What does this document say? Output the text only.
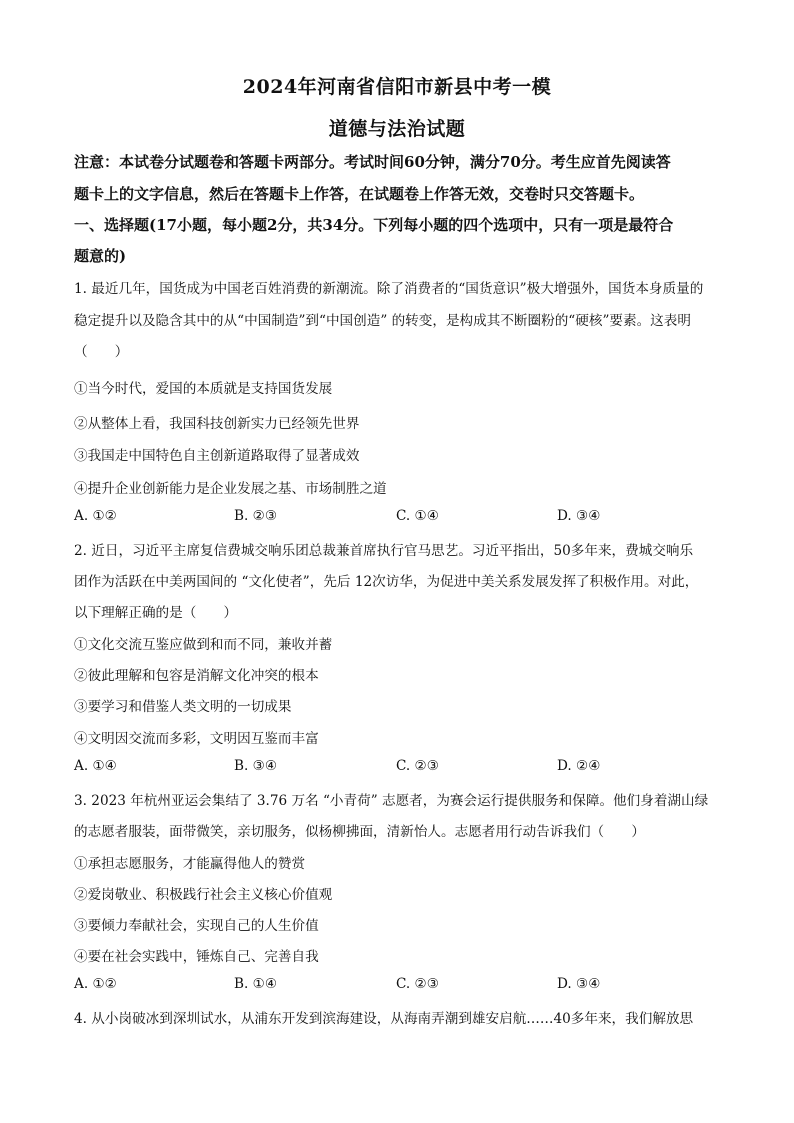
2024年河南省信阳市新县中考一模
道德与法治试题
注意：本试卷分试题卷和答题卡两部分。考试时间60分钟，满分70分。考生应首先阅读答
题卡上的文字信息，然后在答题卡上作答，在试题卷上作答无效，交卷时只交答题卡。
一、选择题(17小题，每小题2分，共34分。下列每小题的四个选项中，只有一项是最符合
题意的)
1. 最近几年，国货成为中国老百姓消费的新潮流。除了消费者的“国货意识”极大增强外，国货本身质量的
稳定提升以及隐含其中的从“中国制造”到“中国创造” 的转变，是构成其不断圈粉的“硬核”要素。这表明
（　　）
①当今时代，爱国的本质就是支持国货发展
②从整体上看，我国科技创新实力已经领先世界
③我国走中国特色自主创新道路取得了显著成效
④提升企业创新能力是企业发展之基、市场制胜之道
A. ①②	B. ②③	C. ①④	D. ③④
2. 近日，习近平主席复信费城交响乐团总裁兼首席执行官马思艺。习近平指出，50多年来，费城交响乐
团作为活跃在中美两国间的 “文化使者”，先后 12次访华，为促进中美关系发展发挥了积极作用。对此，
以下理解正确的是（　　）
①文化交流互鉴应做到和而不同，兼收并蓄
②彼此理解和包容是消解文化冲突的根本
③要学习和借鉴人类文明的一切成果
④文明因交流而多彩，文明因互鉴而丰富
A. ①④	B. ③④	C. ②③	D. ②④
3. 2023 年杭州亚运会集结了 3.76 万名 “小青荷” 志愿者，为赛会运行提供服务和保障。他们身着湖山绿
的志愿者服装，面带微笑，亲切服务，似杨柳拂面，清新怡人。志愿者用行动告诉我们（　　）
①承担志愿服务，才能赢得他人的赞赏
②爱岗敬业、积极践行社会主义核心价值观
③要倾力奉献社会，实现自己的人生价值
④要在社会实践中，锤炼自己、完善自我
A. ①②	B. ①④	C. ②③	D. ③④
4. 从小岗破冰到深圳试水，从浦东开发到滨海建设，从海南弄潮到雄安启航……40多年来，我们解放思
